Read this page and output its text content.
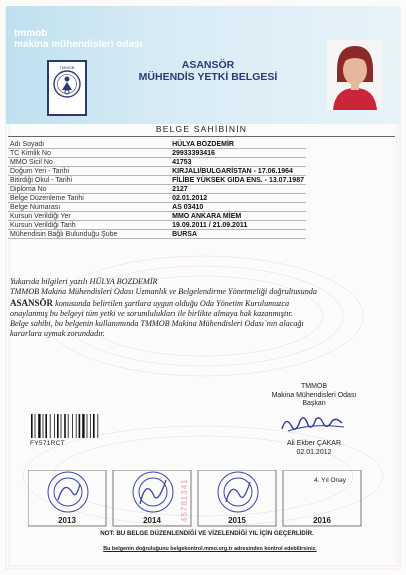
tmmob
makina mühendisleri odası
TMMOB	ASANSÖR
MÜHENDİS YETKİ BELGESİ
BELGE SAHİBİNİN
Adı Soyadı	HÜLYA BOZDEMİR
TC Kimlik No	29933393416
MMO Sicil No	41753
Doğum Yeri - Tarihi	KIRJALI/BULGARİSTAN - 17.06.1964
Bitirdiği Okul - Tarihi	FİLİBE YÜKSEK GIDA ENS. - 13.07.1987
Diploma No	2127
Belge Düzenleme Tarihi	02.01.2012
Belge Numarası	AS 03410
Kursun Verildiği Yer	MMO ANKARA MİEM
Kursun Verildiği Tarih	19.09.2011 / 21.09.2011
Mühendisin Bağlı Bulunduğu Şube	BURSA

Yukarıda bilgileri yazılı HÜLYA BOZDEMİR

TMMOB Makina Mühendisleri Odası Uzmanlık ve Belgelendirme Yönetmeliği doğrultusunda

ASANSÖR konusunda belirtilen şartlara uygun olduğu Oda Yönetim Kurulumuzca

onaylanmış bu belgeyi tüm yetki ve sorumlulukları ile birlikte almaya hak kazanmıştır.

Belge sahibi, bu belgenin kullanımında TMMOB Makina Mühendisleri Odası`nın alacağı

kararlara uymak zorundadır.

TMMOB
Makina Mühendisleri Odası
Başkan
Ali Ekber ÇAKAR
02.01.2012
FY571RCT
2013	2014	2015	2016
4. Yıl Onay
45781341
NOT: BU BELGE DÜZENLENDİĞİ VE VİZELENDİĞİ YIL İÇİN GEÇERLİDİR.
Bu belgenin doğruluğunu belgekontrol.mmo.org.tr adresinden kontrol edebilirsiniz.
